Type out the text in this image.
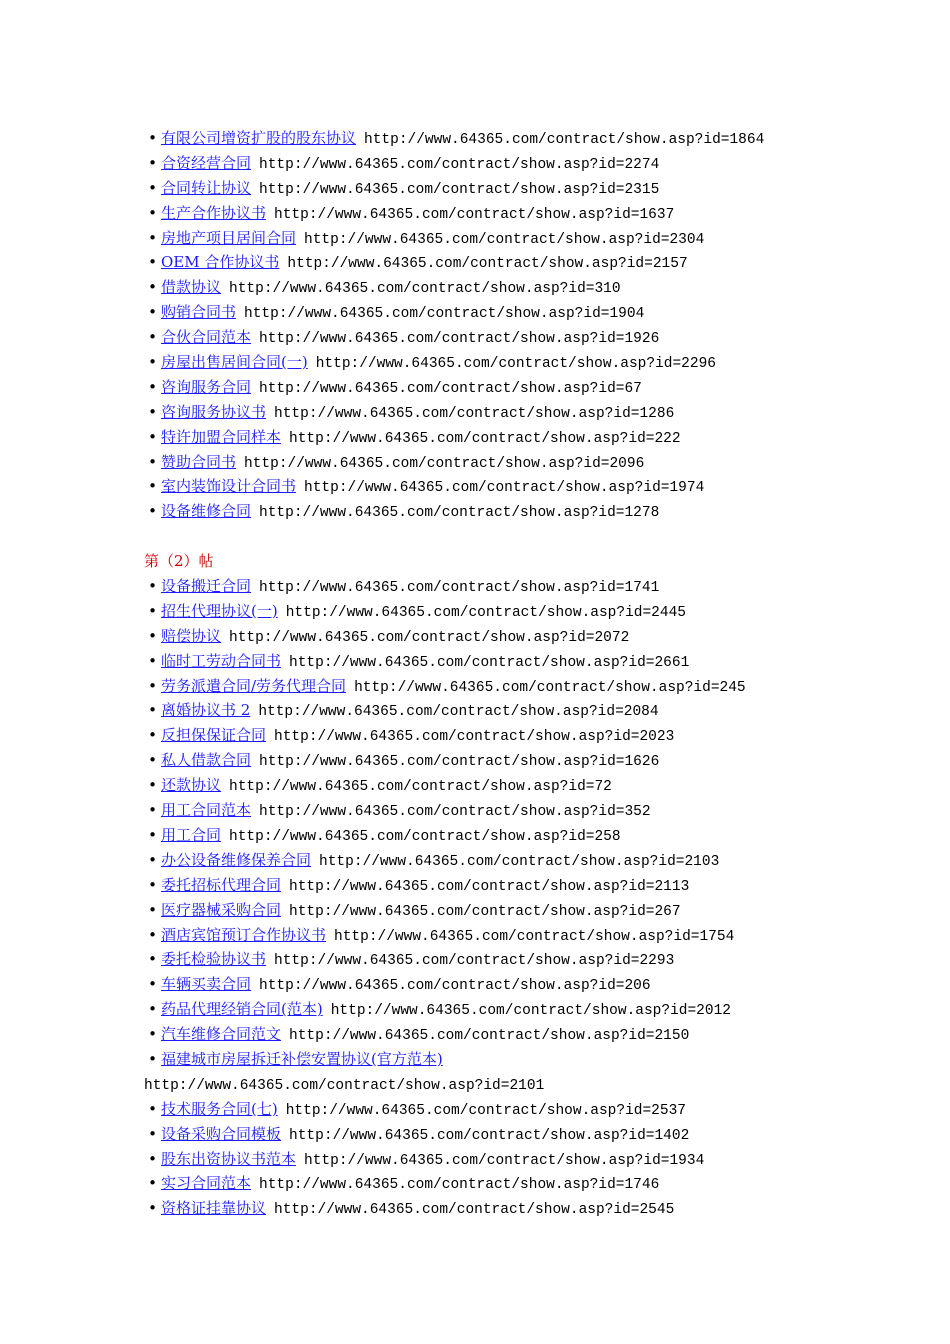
• 有限公司增资扩股的股东协议 http://www.64365.com/contract/show.asp?id=1864
• 合资经营合同 http://www.64365.com/contract/show.asp?id=2274
• 合同转让协议 http://www.64365.com/contract/show.asp?id=2315
• 生产合作协议书 http://www.64365.com/contract/show.asp?id=1637
• 房地产项目居间合同 http://www.64365.com/contract/show.asp?id=2304
• OEM 合作协议书 http://www.64365.com/contract/show.asp?id=2157
• 借款协议 http://www.64365.com/contract/show.asp?id=310
• 购销合同书 http://www.64365.com/contract/show.asp?id=1904
• 合伙合同范本 http://www.64365.com/contract/show.asp?id=1926
• 房屋出售居间合同(一) http://www.64365.com/contract/show.asp?id=2296
• 咨询服务合同 http://www.64365.com/contract/show.asp?id=67
• 咨询服务协议书 http://www.64365.com/contract/show.asp?id=1286
• 特许加盟合同样本 http://www.64365.com/contract/show.asp?id=222
• 赞助合同书 http://www.64365.com/contract/show.asp?id=2096
• 室内装饰设计合同书 http://www.64365.com/contract/show.asp?id=1974
• 设备维修合同 http://www.64365.com/contract/show.asp?id=1278
第（2）帖
• 设备搬迁合同 http://www.64365.com/contract/show.asp?id=1741
• 招生代理协议(一) http://www.64365.com/contract/show.asp?id=2445
• 赔偿协议 http://www.64365.com/contract/show.asp?id=2072
• 临时工劳动合同书 http://www.64365.com/contract/show.asp?id=2661
• 劳务派遣合同/劳务代理合同 http://www.64365.com/contract/show.asp?id=245
• 离婚协议书 2 http://www.64365.com/contract/show.asp?id=2084
• 反担保保证合同 http://www.64365.com/contract/show.asp?id=2023
• 私人借款合同 http://www.64365.com/contract/show.asp?id=1626
• 还款协议 http://www.64365.com/contract/show.asp?id=72
• 用工合同范本 http://www.64365.com/contract/show.asp?id=352
• 用工合同 http://www.64365.com/contract/show.asp?id=258
• 办公设备维修保养合同 http://www.64365.com/contract/show.asp?id=2103
• 委托招标代理合同 http://www.64365.com/contract/show.asp?id=2113
• 医疗器械采购合同 http://www.64365.com/contract/show.asp?id=267
• 酒店宾馆预订合作协议书 http://www.64365.com/contract/show.asp?id=1754
• 委托检验协议书 http://www.64365.com/contract/show.asp?id=2293
• 车辆买卖合同 http://www.64365.com/contract/show.asp?id=206
• 药品代理经销合同(范本) http://www.64365.com/contract/show.asp?id=2012
• 汽车维修合同范文 http://www.64365.com/contract/show.asp?id=2150
• 福建城市房屋拆迁补偿安置协议(官方范本)
http://www.64365.com/contract/show.asp?id=2101
• 技术服务合同(七) http://www.64365.com/contract/show.asp?id=2537
• 设备采购合同模板 http://www.64365.com/contract/show.asp?id=1402
• 股东出资协议书范本 http://www.64365.com/contract/show.asp?id=1934
• 实习合同范本 http://www.64365.com/contract/show.asp?id=1746
• 资格证挂靠协议 http://www.64365.com/contract/show.asp?id=2545
